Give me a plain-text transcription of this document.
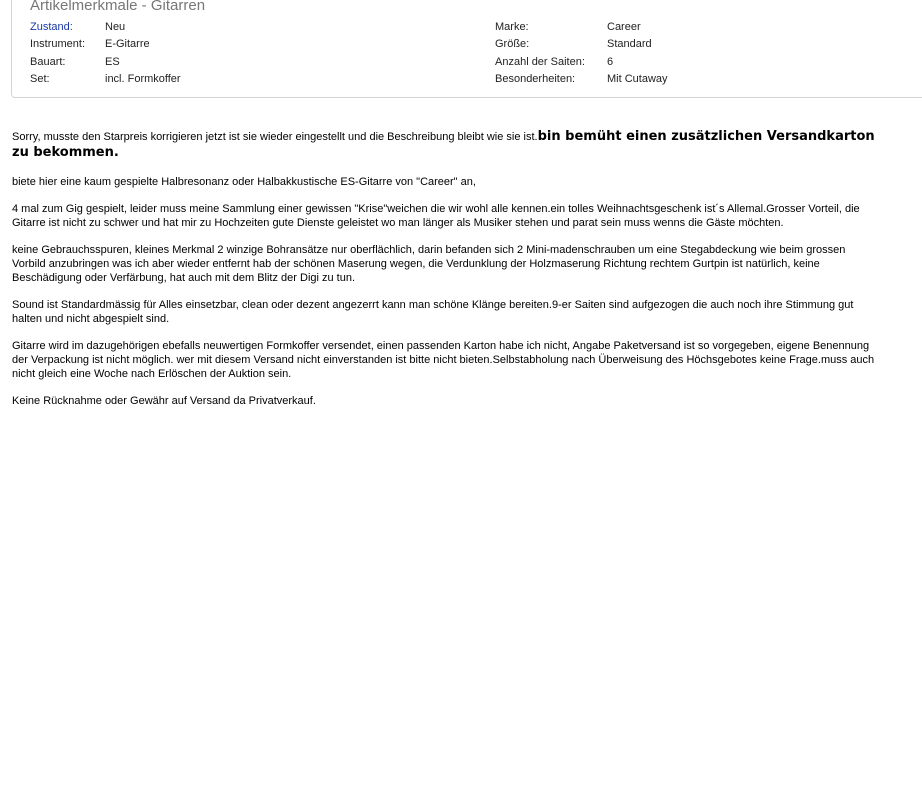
Artikelmerkmale - Gitarren
Zustand:	Neu
Instrument: E-Gitarre
Bauart:	ES
Set:	incl. Formkoffer
Marke:	Career
Größe:	Standard
Anzahl der Saiten: 6
Besonderheiten:	Mit Cutaway

Sorry, musste den Starpreis korrigieren jetzt ist sie wieder eingestellt und die Beschreibung bleibt wie sie ist.bin bemüht einen zusätzlichen Versandkarton zu bekommen.

biete hier eine kaum gespielte Halbresonanz oder Halbakkustische ES-Gitarre von "Career" an,

4 mal zum Gig gespielt, leider muss meine Sammlung einer gewissen "Krise"weichen die wir wohl alle kennen.ein tolles Weihnachtsgeschenk ist´s Allemal.Grosser Vorteil, die Gitarre ist nicht zu schwer und hat mir zu Hochzeiten gute Dienste geleistet wo man länger als Musiker stehen und parat sein muss wenns die Gäste möchten.

keine Gebrauchsspuren, kleines Merkmal 2 winzige Bohransätze nur oberflächlich, darin befanden sich 2 Mini-madenschrauben um eine Stegabdeckung wie beim grossen Vorbild anzubringen was ich aber wieder entfernt hab der schönen Maserung wegen, die Verdunklung der Holzmaserung Richtung rechtem Gurtpin ist natürlich, keine Beschädigung oder Verfärbung, hat auch mit dem Blitz der Digi zu tun.

Sound ist Standardmässig für Alles einsetzbar, clean oder dezent angezerrt kann man schöne Klänge bereiten.9-er Saiten sind aufgezogen die auch noch ihre Stimmung gut halten und nicht abgespielt sind.

Gitarre wird im dazugehörigen ebefalls neuwertigen Formkoffer versendet, einen passenden Karton habe ich nicht, Angabe Paketversand ist so vorgegeben, eigene Benennung der Verpackung ist nicht möglich. wer mit diesem Versand nicht einverstanden ist bitte nicht bieten.Selbstabholung nach Überweisung des Höchsgebotes keine Frage.muss auch nicht gleich eine Woche nach Erlöschen der Auktion sein.

Keine Rücknahme oder Gewähr auf Versand da Privatverkauf.
